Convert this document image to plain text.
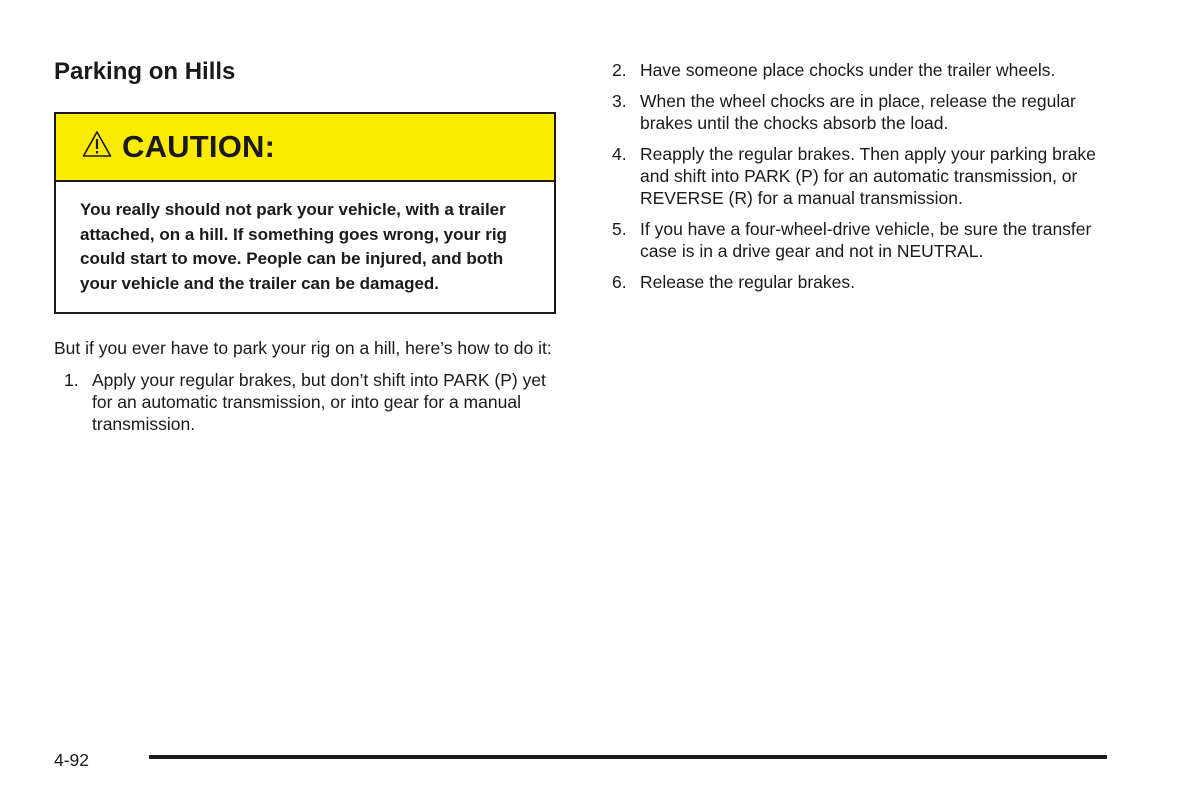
Parking on Hills
CAUTION:
You really should not park your vehicle, with a trailer attached, on a hill. If something goes wrong, your rig could start to move. People can be injured, and both your vehicle and the trailer can be damaged.

But if you ever have to park your rig on a hill, here’s how to do it:

1. Apply your regular brakes, but don’t shift into PARK (P) yet for an automatic transmission, or into gear for a manual transmission.
2. Have someone place chocks under the trailer wheels.
3. When the wheel chocks are in place, release the regular brakes until the chocks absorb the load.
4. Reapply the regular brakes. Then apply your parking brake and shift into PARK (P) for an automatic transmission, or REVERSE (R) for a manual transmission.
5. If you have a four-wheel-drive vehicle, be sure the transfer case is in a drive gear and not in NEUTRAL.
6. Release the regular brakes.
4-92
